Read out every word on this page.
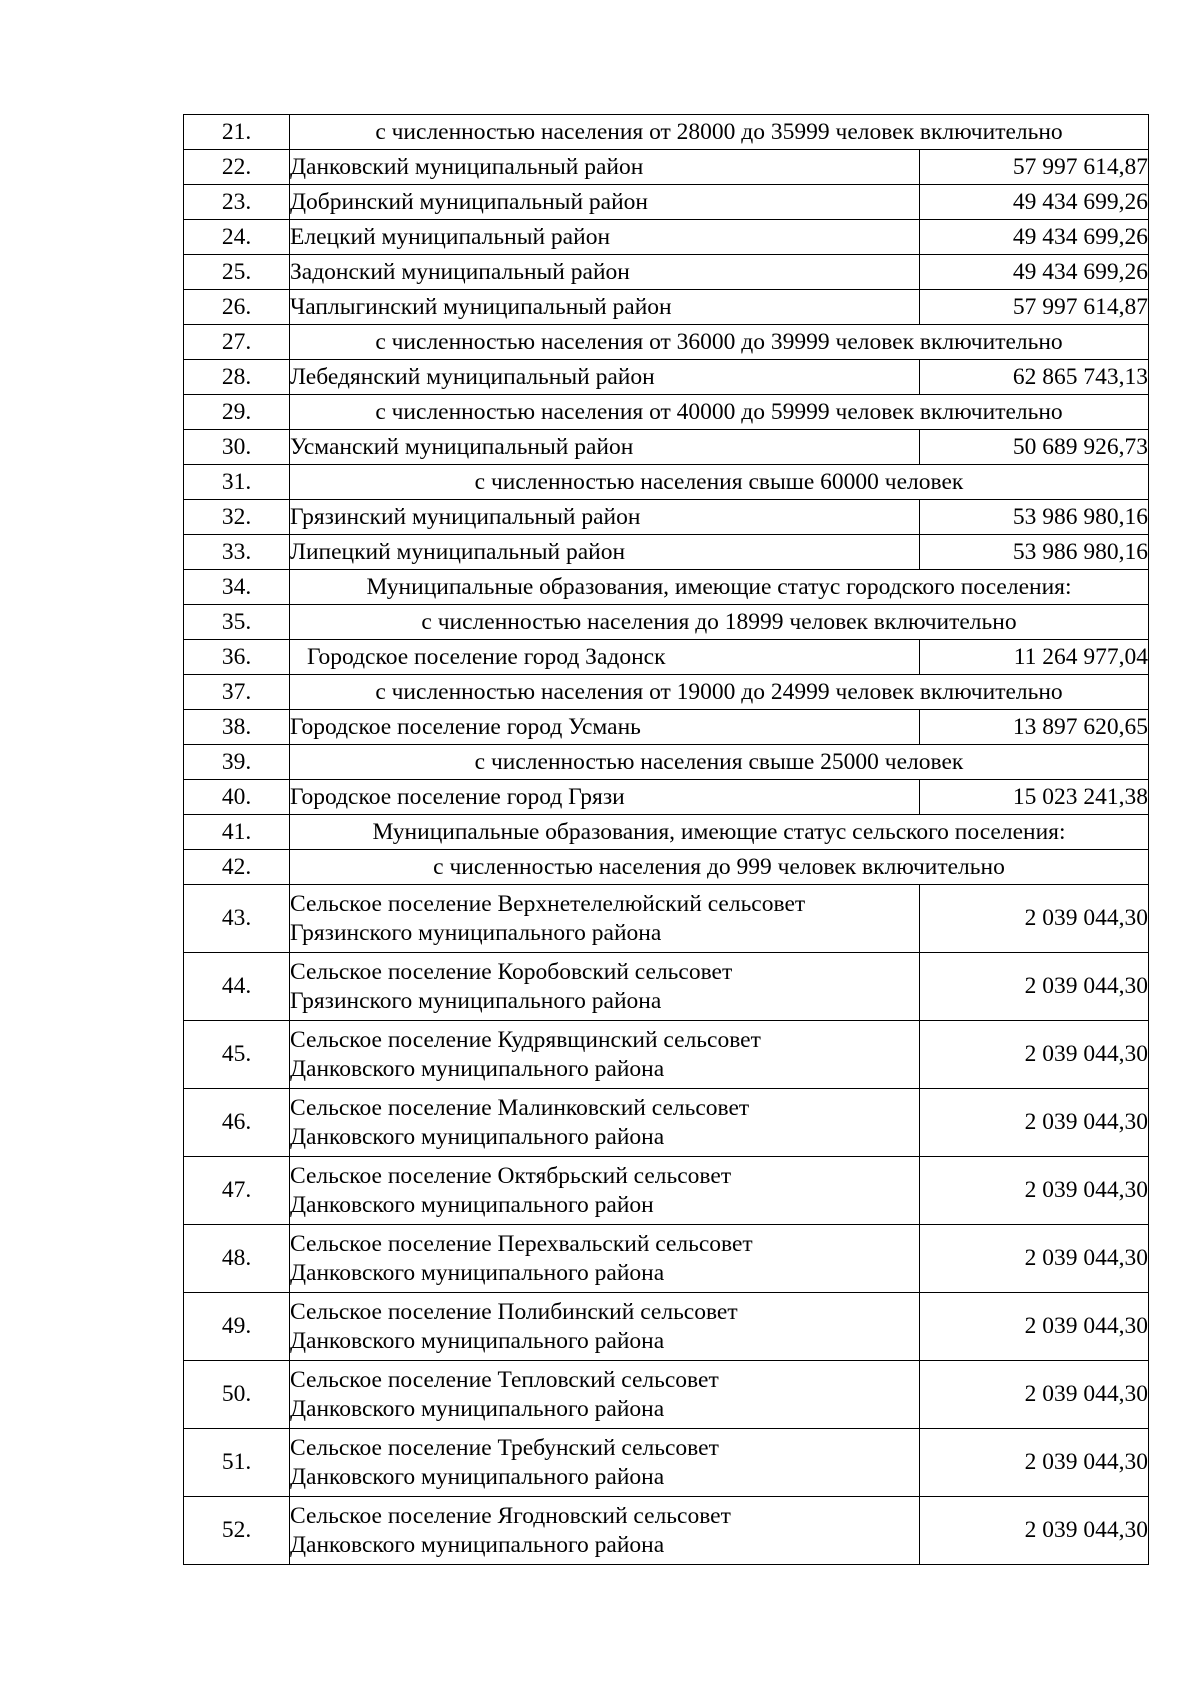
21.	с численностью населения от 28000 до 35999 человек включительно	
22.	Данковский муниципальный район	57 997 614,87
23.	Добринский муниципальный район	49 434 699,26
24.	Елецкий муниципальный район	49 434 699,26
25.	Задонский муниципальный район	49 434 699,26
26.	Чаплыгинский муниципальный район	57 997 614,87
27.	с численностью населения от 36000 до 39999 человек включительно	
28.	Лебедянский муниципальный район	62 865 743,13
29.	с численностью населения от 40000 до 59999 человек включительно	
30.	Усманский муниципальный район	50 689 926,73
31.	с численностью населения свыше 60000 человек	
32.	Грязинский муниципальный район	53 986 980,16
33.	Липецкий муниципальный район	53 986 980,16
34.	Муниципальные образования, имеющие статус городского поселения:	
35.	с численностью населения до 18999 человек включительно	
36.	Городское поселение город Задонск	11 264 977,04
37.	с численностью населения от 19000 до 24999 человек включительно	
38.	Городское поселение город Усмань	13 897 620,65
39.	с численностью населения свыше 25000 человек	
40.	Городское поселение город Грязи	15 023 241,38
41.	Муниципальные образования, имеющие статус сельского поселения:	
42.	с численностью населения до 999 человек включительно	
43.	Сельское поселение Верхнетелелюйский сельсовет
Грязинского муниципального района	2 039 044,30
44.	Сельское поселение Коробовский сельсовет
Грязинского муниципального района	2 039 044,30
45.	Сельское поселение Кудрявщинский сельсовет
Данковского муниципального района	2 039 044,30
46.	Сельское поселение Малинковский сельсовет
Данковского муниципального района	2 039 044,30
47.	Сельское поселение Октябрьский сельсовет
Данковского муниципального район	2 039 044,30
48.	Сельское поселение Перехвальский сельсовет
Данковского муниципального района	2 039 044,30
49.	Сельское поселение Полибинский сельсовет
Данковского муниципального района	2 039 044,30
50.	Сельское поселение Тепловский сельсовет
Данковского муниципального района	2 039 044,30
51.	Сельское поселение Требунский сельсовет
Данковского муниципального района	2 039 044,30
52.	Сельское поселение Ягодновский сельсовет
Данковского муниципального района	2 039 044,30
